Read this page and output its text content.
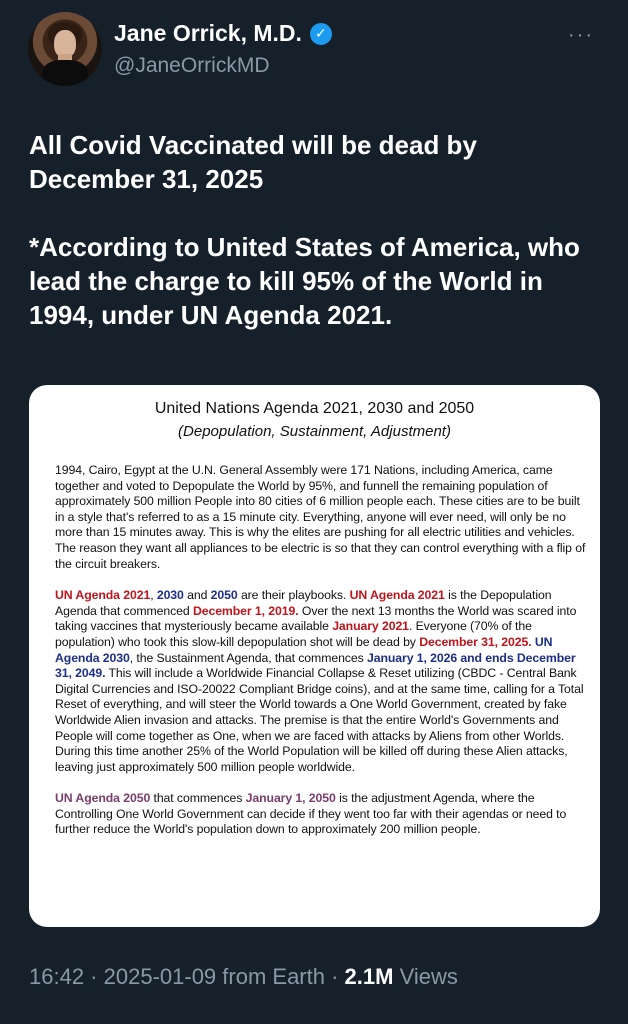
Jane Orrick, M.D. ✓
@JaneOrrickMD
···

All Covid Vaccinated will be dead by December 31, 2025

*According to United States of America, who lead the charge to kill 95% of the World in 1994, under UN Agenda 2021.

United Nations Agenda 2021, 2030 and 2050
(Depopulation, Sustainment, Adjustment)

1994, Cairo, Egypt at the U.N. General Assembly were 171 Nations, including America, came together and voted to Depopulate the World by 95%, and funnell the remaining population of approximately 500 million People into 80 cities of 6 million people each. These cities are to be built in a style that's referred to as a 15 minute city. Everything, anyone will ever need, will only be no more than 15 minutes away. This is why the elites are pushing for all electric utilities and vehicles. The reason they want all appliances to be electric is so that they can control everything with a flip of the circuit breakers.

UN Agenda 2021, 2030 and 2050 are their playbooks. UN Agenda 2021 is the Depopulation Agenda that commenced December 1, 2019. Over the next 13 months the World was scared into taking vaccines that mysteriously became available January 2021. Everyone (70% of the population) who took this slow-kill depopulation shot will be dead by December 31, 2025. UN Agenda 2030, the Sustainment Agenda, that commences January 1, 2026 and ends December 31, 2049. This will include a Worldwide Financial Collapse & Reset utilizing (CBDC - Central Bank Digital Currencies and ISO-20022 Compliant Bridge coins), and at the same time, calling for a Total Reset of everything, and will steer the World towards a One World Government, created by fake Worldwide Alien invasion and attacks. The premise is that the entire World's Governments and People will come together as One, when we are faced with attacks by Aliens from other Worlds. During this time another 25% of the World Population will be killed off during these Alien attacks, leaving just approximately 500 million people worldwide.

UN Agenda 2050 that commences January 1, 2050 is the adjustment Agenda, where the Controlling One World Government can decide if they went too far with their agendas or need to further reduce the World's population down to approximately 200 million people.

16:42 · 2025-01-09 from Earth · 2.1M Views
